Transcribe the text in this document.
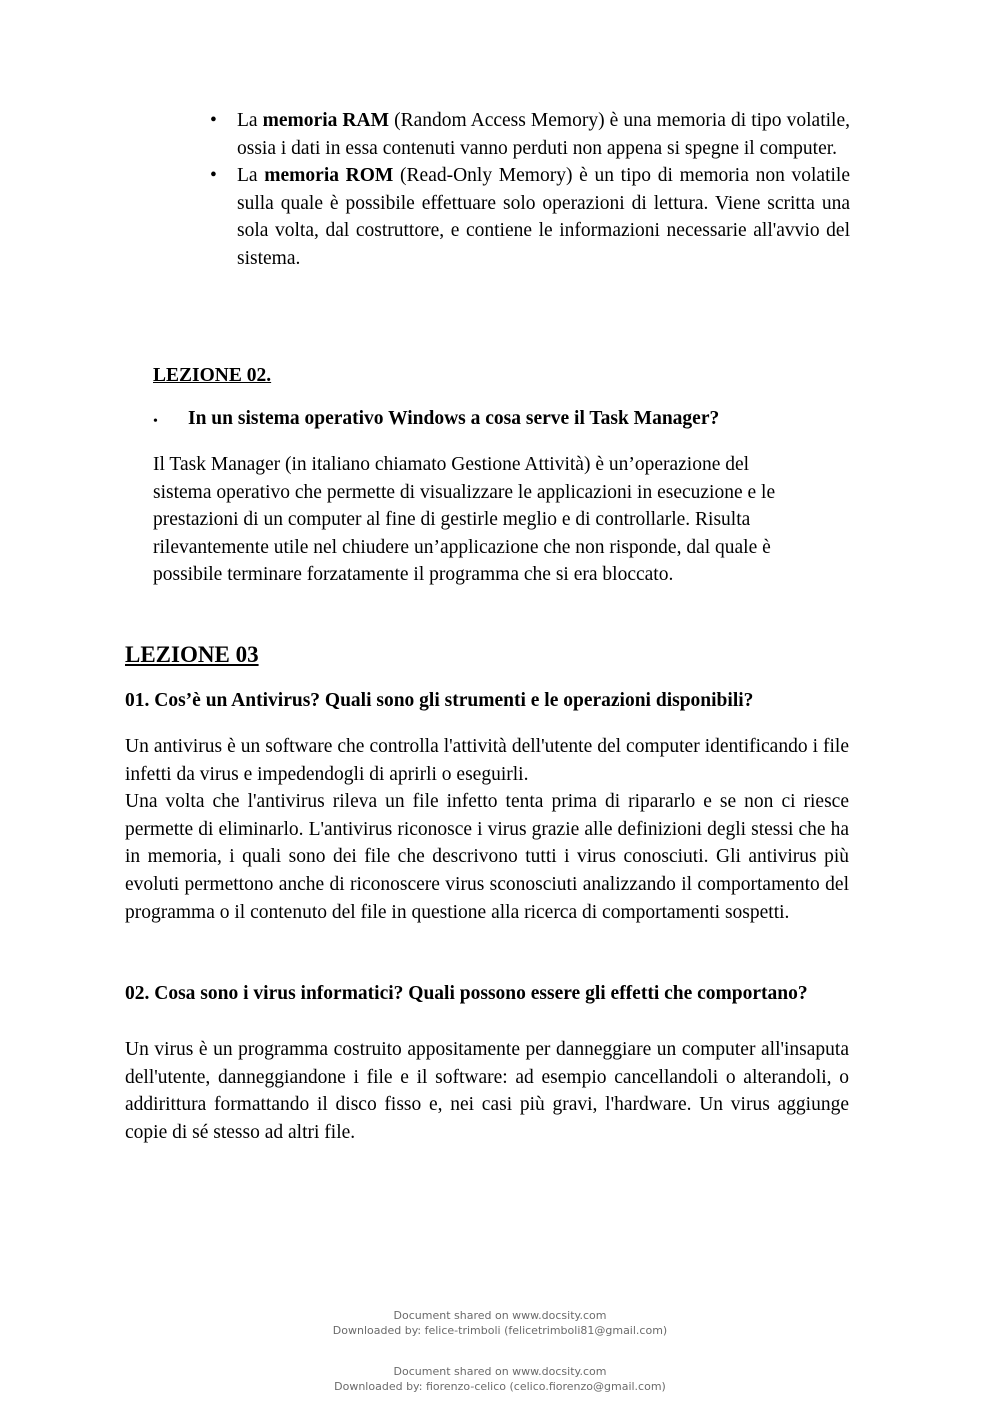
• La memoria RAM (Random Access Memory) è una memoria di tipo volatile, ossia i dati in essa contenuti vanno perduti non appena si spegne il computer.
• La memoria ROM (Read-Only Memory) è un tipo di memoria non volatile sulla quale è possibile effettuare solo operazioni di lettura. Viene scritta una sola volta, dal costruttore, e contiene le informazioni necessarie all'avvio del sistema.
LEZIONE 02.
• In un sistema operativo Windows a cosa serve il Task Manager?
Il Task Manager (in italiano chiamato Gestione Attività) è un’operazione del
sistema operativo che permette di visualizzare le applicazioni in esecuzione e le
prestazioni di un computer al fine di gestirle meglio e di controllarle. Risulta
rilevantemente utile nel chiudere un’applicazione che non risponde, dal quale è
possibile terminare forzatamente il programma che si era bloccato.
LEZIONE 03
01. Cos’è un Antivirus? Quali sono gli strumenti e le operazioni disponibili?

Un antivirus è un software che controlla l'attività dell'utente del computer identificando i file infetti da virus e impedendogli di aprirli o eseguirli.

Una volta che l'antivirus rileva un file infetto tenta prima di ripararlo e se non ci riesce permette di eliminarlo. L'antivirus riconosce i virus grazie alle definizioni degli stessi che ha in memoria, i quali sono dei file che descrivono tutti i virus conosciuti. Gli antivirus più evoluti permettono anche di riconoscere virus sconosciuti analizzando il comportamento del programma o il contenuto del file in questione alla ricerca di comportamenti sospetti.

02. Cosa sono i virus informatici? Quali possono essere gli effetti che comportano?
Un virus è un programma costruito appositamente per danneggiare un computer all'insaputa dell'utente, danneggiandone i file e il software: ad esempio cancellandoli o alterandoli, o addirittura formattando il disco fisso e, nei casi più gravi, l'hardware. Un virus aggiunge copie di sé stesso ad altri file.
Document shared on www.docsity.com
Downloaded by: felice-trimboli (felicetrimboli81@gmail.com)
Document shared on www.docsity.com
Downloaded by: fiorenzo-celico (celico.fiorenzo@gmail.com)
